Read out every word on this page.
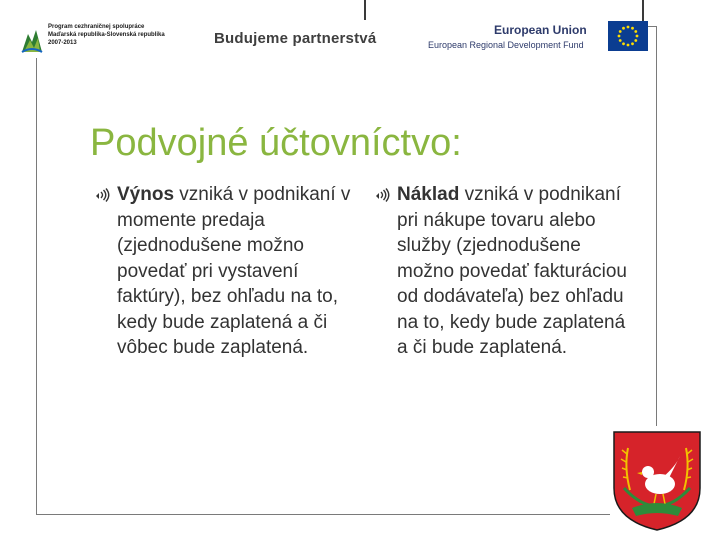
Program cezhraničnej spolupráce
Maďarská republika-Slovenská republika
2007-2013	Budujeme partnerstvá	European Union
European Regional Development Fund
Podvojné účtovníctvo:
Výnos vzniká v podnikaní v momente predaja (zjednodušene možno povedať pri vystavení faktúry), bez ohľadu na to, kedy bude zaplatená a či vôbec bude zaplatená.
Náklad vzniká v podnikaní pri nákupe tovaru alebo služby (zjednodušene možno povedať fakturáciou od dodávateľa) bez ohľadu na to, kedy bude zaplatená a či bude zaplatená.
